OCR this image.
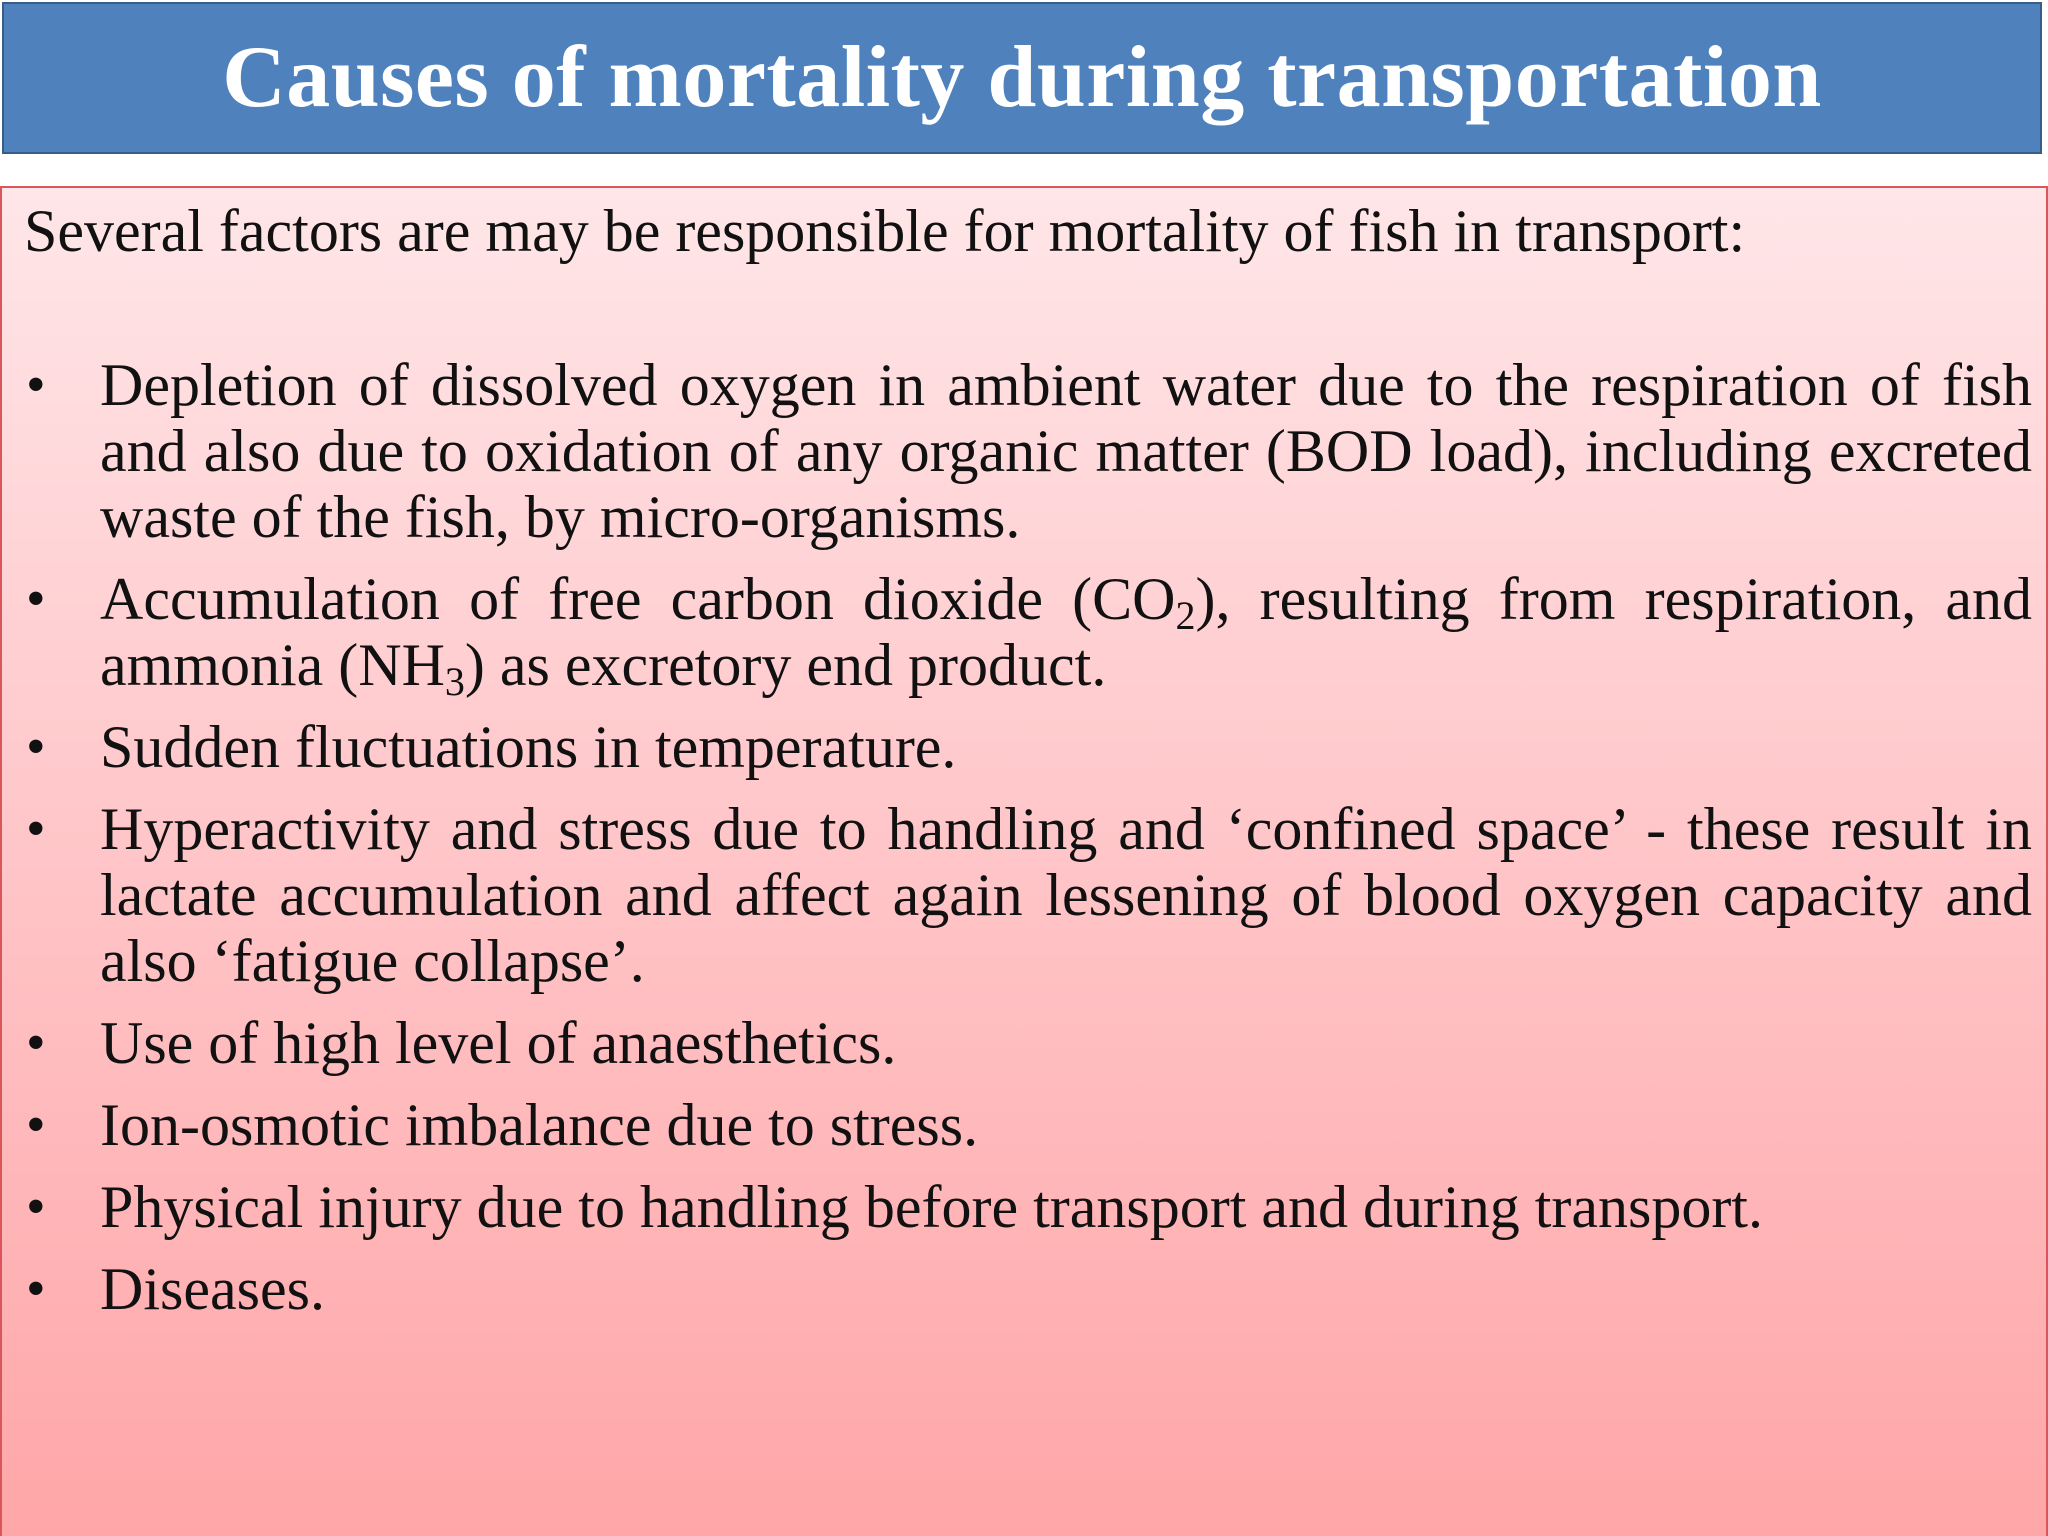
Causes of mortality during transportation
Several factors are may be responsible for mortality of fish in transport:
• Depletion of dissolved oxygen in ambient water due to the respiration of fish and also due to oxidation of any organic matter (BOD load), including excreted waste of the fish, by micro-organisms.
• Accumulation of free carbon dioxide $(CO_2)$, resulting from respiration, and ammonia $(NH_3)$ as excretory end product.
• Sudden fluctuations in temperature.
• Hyperactivity and stress due to handling and ‘confined space’ - these result in lactate accumulation and affect again lessening of blood oxygen capacity and also ‘fatigue collapse’.
• Use of high level of anaesthetics.
• Ion-osmotic imbalance due to stress.
• Physical injury due to handling before transport and during transport.
• Diseases.
